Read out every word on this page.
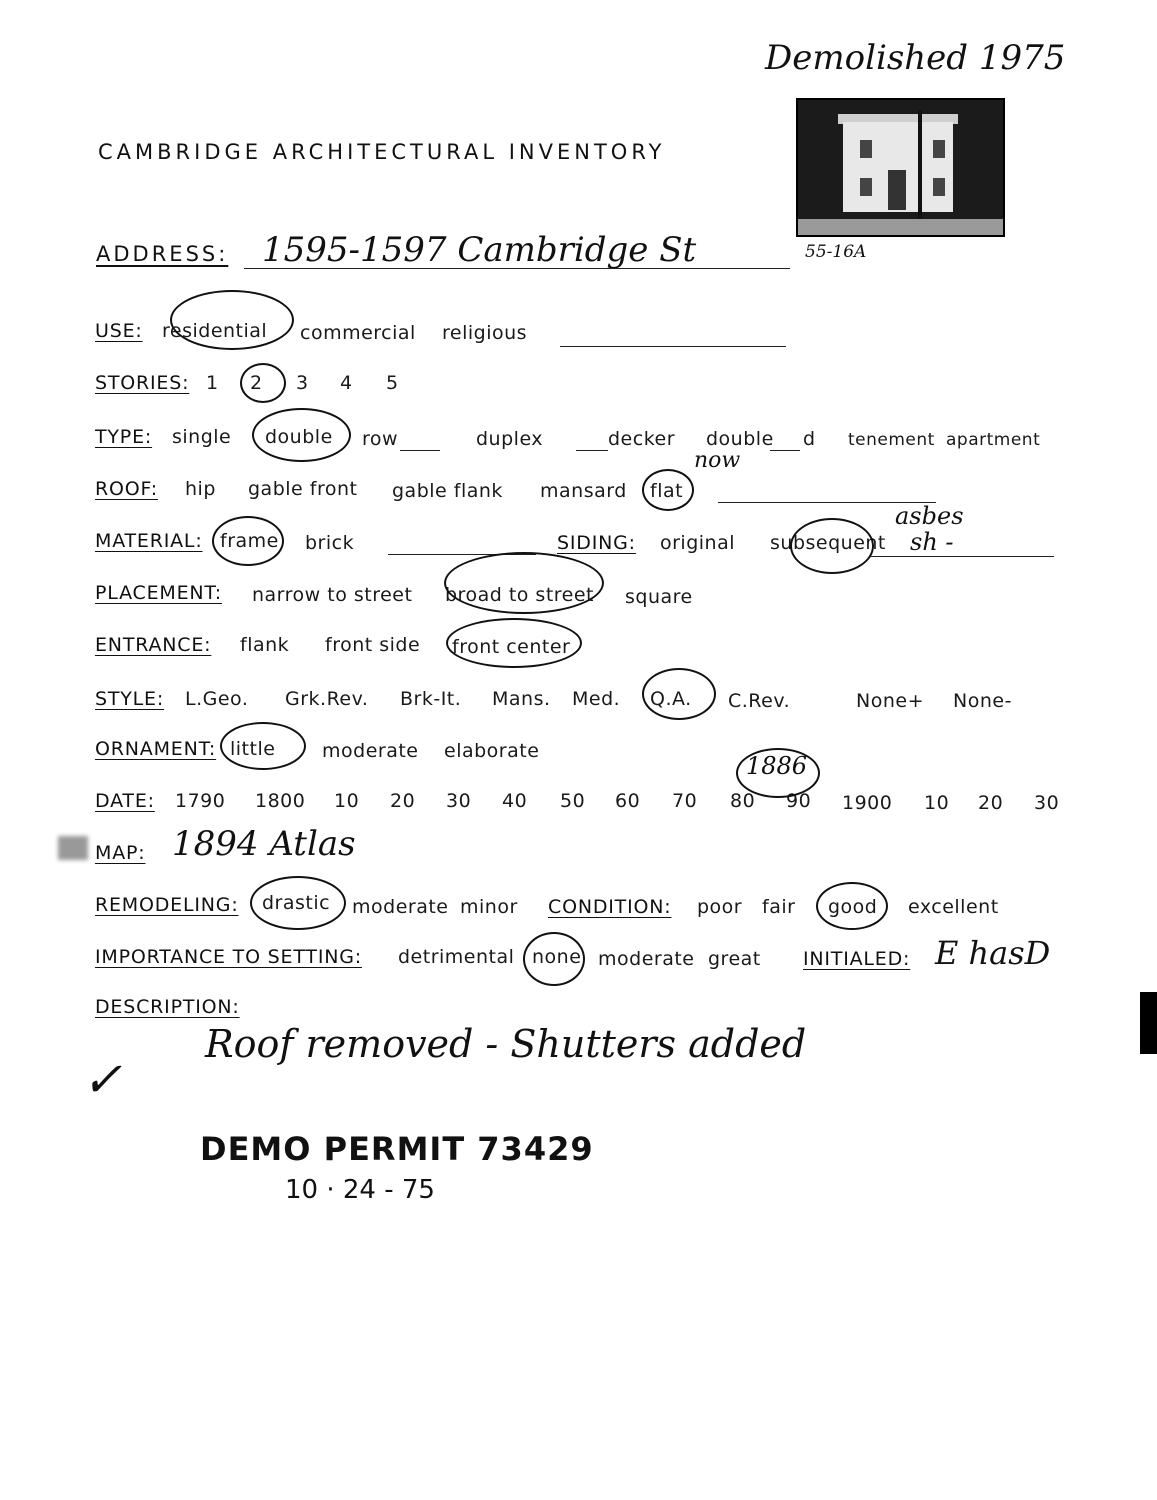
Demolished 1975
55-16A
CAMBRIDGE ARCHITECTURAL INVENTORY
ADDRESS: 1595-1597 Cambridge St
USE: residential commercial religious
STORIES: 1 2 3 4 5
TYPE: single double row	duplex	decker double d tenement apartment
ROOF: hip gable front gable flank mansard flat
now
MATERIAL: frame brick	SIDING: original subsequent
asbes
sh -
PLACEMENT: narrow to street broad to street square
ENTRANCE: flank front side front center
STYLE: L.Geo. Grk.Rev. Brk-It. Mans. Med. Q.A. C.Rev.	None+ None-
ORNAMENT: little moderate elaborate
DATE: 1790 1800 10 20 30 40 50 60 70 80 90
1886
1900 10 20 30
MAP: 1894 Atlas
REMODELING: drastic moderate minor CONDITION: poor fair good excellent
IMPORTANCE TO SETTING: detrimental none moderate great INITIALED: E hasD
DESCRIPTION:
Roof removed - Shutters added
✓
DEMO PERMIT 73429
10 · 24 - 75
